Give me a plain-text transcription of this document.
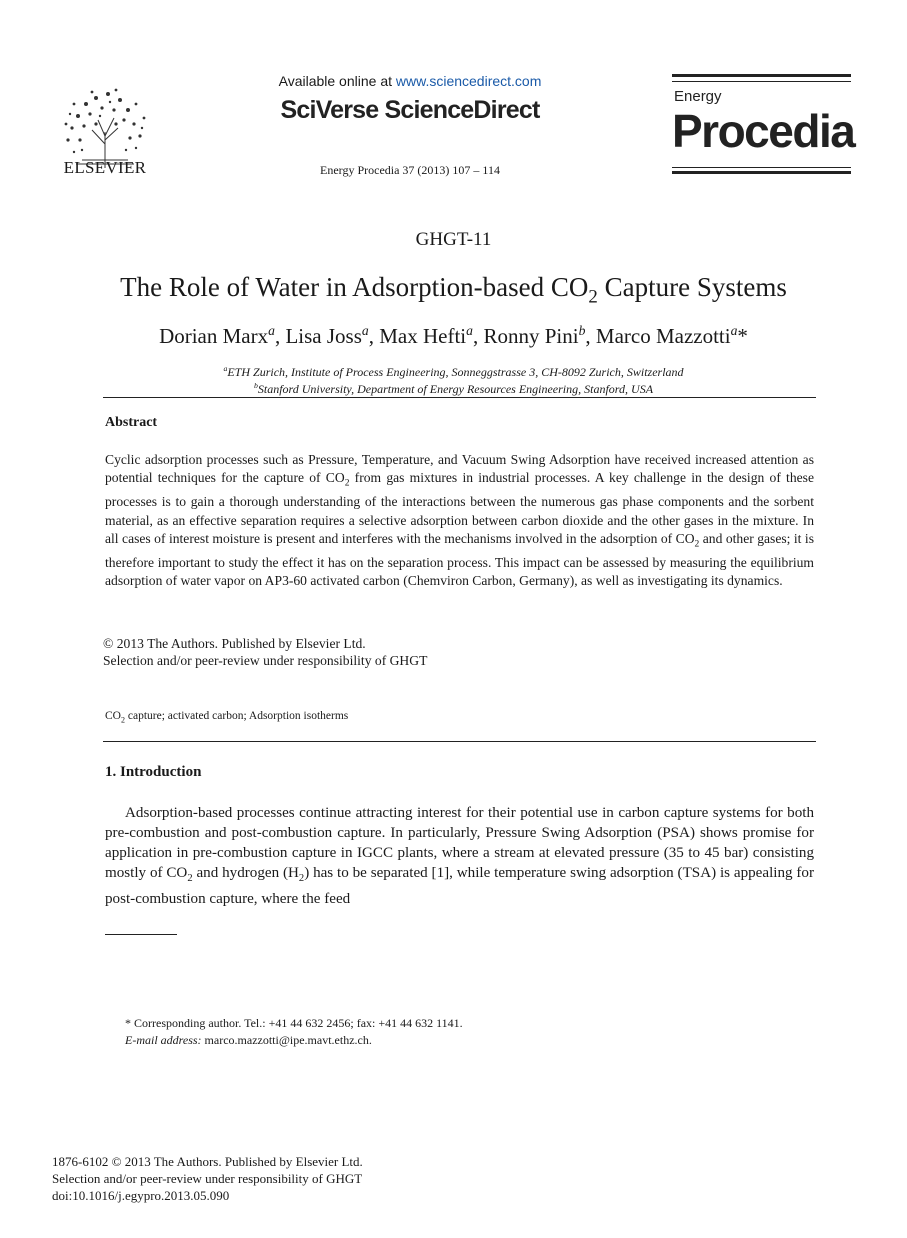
ELSEVIER
Available online at www.sciencedirect.com
SciVerse ScienceDirect
Energy Procedia 37 (2013) 107 – 114
Energy
Procedia
GHGT-11
The Role of Water in Adsorption-based $CO_2$ Capture Systems
Dorian Marx$^a$, Lisa Joss$^a$, Max Hefti$^a$, Ronny Pini$^b$, Marco Mazzotti$^a$*
$^a$ETH Zurich, Institute of Process Engineering, Sonneggstrasse 3, CH-8092 Zurich, Switzerland
$^b$Stanford University, Department of Energy Resources Engineering, Stanford, USA
Abstract
Cyclic adsorption processes such as Pressure, Temperature, and Vacuum Swing Adsorption have received increased attention as potential techniques for the capture of $CO_2$ from gas mixtures in industrial processes. A key challenge in the design of these processes is to gain a thorough understanding of the interactions between the numerous gas phase components and the sorbent material, as an effective separation requires a selective adsorption between carbon dioxide and the other gases in the mixture. In all cases of interest moisture is present and interferes with the mechanisms involved in the adsorption of $CO_2$ and other gases; it is therefore important to study the effect it has on the separation process. This impact can be assessed by measuring the equilibrium adsorption of water vapor on AP3-60 activated carbon (Chemviron Carbon, Germany), as well as investigating its dynamics.
© 2013 The Authors. Published by Elsevier Ltd.
Selection and/or peer-review under responsibility of GHGT
$CO_2$ capture; activated carbon; Adsorption isotherms
1. Introduction
Adsorption-based processes continue attracting interest for their potential use in carbon capture systems for both pre-combustion and post-combustion capture. In particularly, Pressure Swing Adsorption (PSA) shows promise for application in pre-combustion capture in IGCC plants, where a stream at elevated pressure (35 to 45 bar) consisting mostly of $CO_2$ and hydrogen $(H_2)$ has to be separated [1], while temperature swing adsorption (TSA) is appealing for post-combustion capture, where the feed
* Corresponding author. Tel.: +41 44 632 2456; fax: +41 44 632 1141.
E-mail address: marco.mazzotti@ipe.mavt.ethz.ch.
1876-6102 © 2013 The Authors. Published by Elsevier Ltd.
Selection and/or peer-review under responsibility of GHGT
doi:10.1016/j.egypro.2013.05.090
